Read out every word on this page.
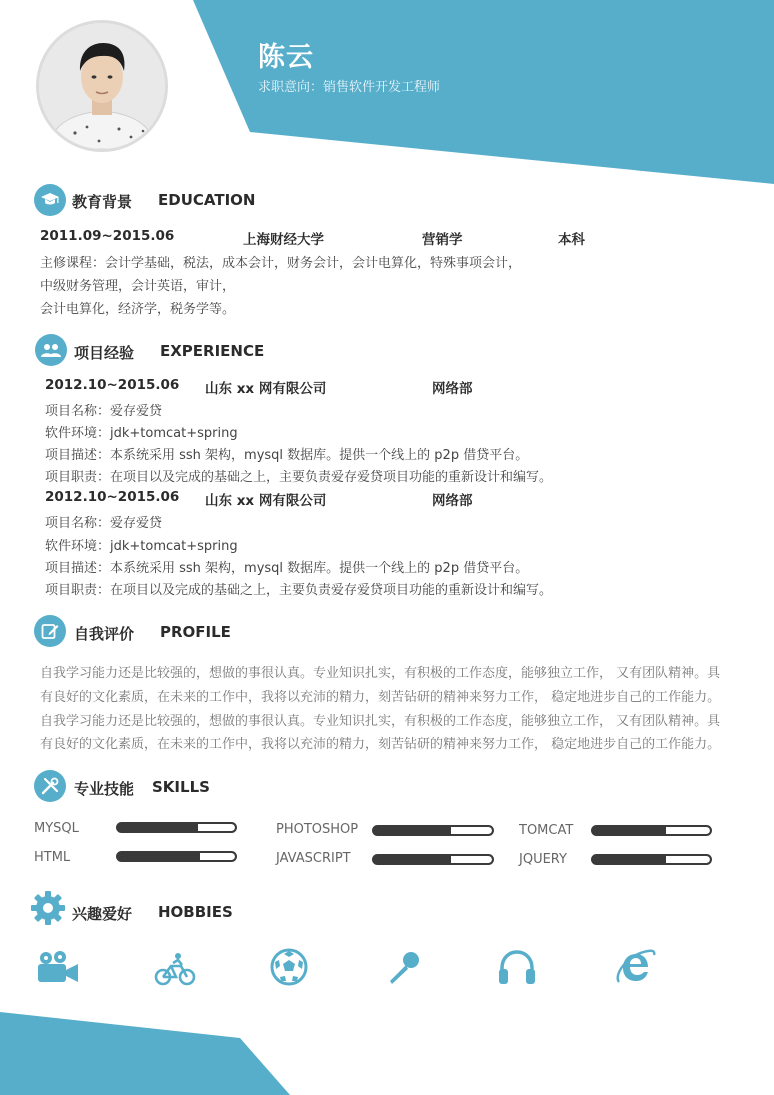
陈云
求职意向：销售软件开发工程师
教育背景 EDUCATION
2011.09~2015.06	上海财经大学	营销学	本科
主修课程：会计学基础，税法，成本会计，财务会计，会计电算化，特殊事项会计，
中级财务管理，会计英语，审计，
会计电算化，经济学，税务学等。
项目经验 EXPERIENCE
2012.10~2015.06 山东 xx 网有限公司	网络部
项目名称：爱存爱贷
软件环境：jdk+tomcat+spring
项目描述：本系统采用 ssh 架构，mysql 数据库。提供一个线上的 p2p 借贷平台。
项目职责：在项目以及完成的基础之上，主要负责爱存爱贷项目功能的重新设计和编写。
2012.10~2015.06 山东 xx 网有限公司	网络部
项目名称：爱存爱贷
软件环境：jdk+tomcat+spring
项目描述：本系统采用 ssh 架构，mysql 数据库。提供一个线上的 p2p 借贷平台。
项目职责：在项目以及完成的基础之上，主要负责爱存爱贷项目功能的重新设计和编写。
自我评价 PROFILE
自我学习能力还是比较强的，想做的事很认真。专业知识扎实，有积极的工作态度，能够独立工作， 又有团队精神。具
有良好的文化素质，在未来的工作中，我将以充沛的精力，刻苦钻研的精神来努力工作， 稳定地进步自己的工作能力。
自我学习能力还是比较强的，想做的事很认真。专业知识扎实，有积极的工作态度，能够独立工作， 又有团队精神。具
有良好的文化素质，在未来的工作中，我将以充沛的精力，刻苦钻研的精神来努力工作， 稳定地进步自己的工作能力。
专业技能 SKILLS
MYSQL	PHOTOSHOP	TOMCAT
HTML	JAVASCRIPT	JQUERY
兴趣爱好 HOBBIES
